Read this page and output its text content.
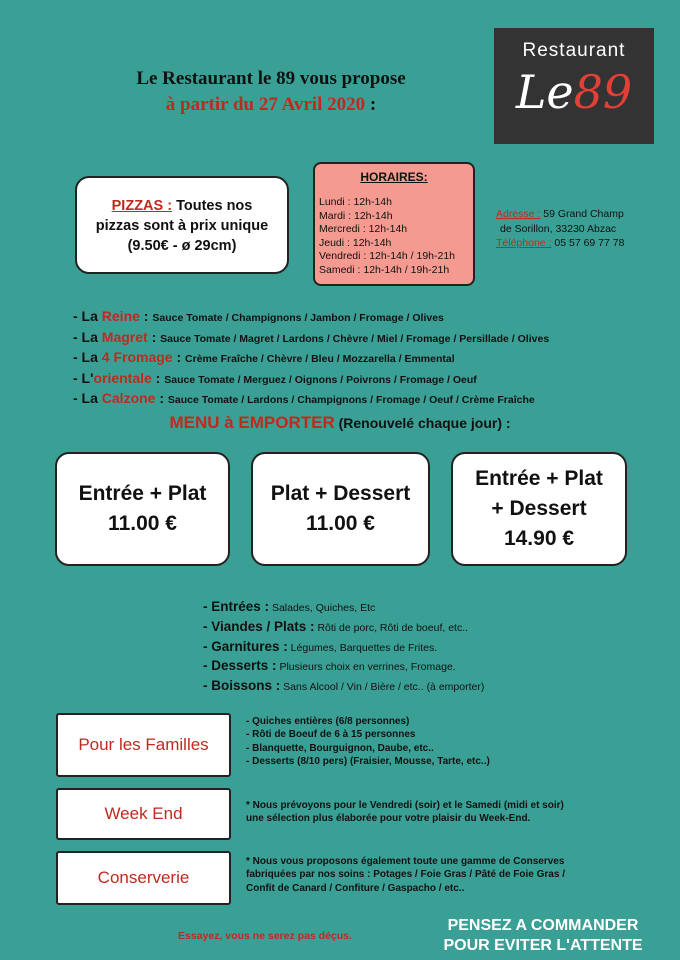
Le Restaurant le 89 vous propose
à partir du 27 Avril 2020 :
Restaurant
Le89
PIZZAS : Toutes nos
pizzas sont à prix unique
(9.50€ - ø 29cm)
HORAIRES:
Lundi : 12h-14h
Mardi : 12h-14h
Mercredi : 12h-14h
Jeudi : 12h-14h
Vendredi : 12h-14h / 19h-21h
Samedi : 12h-14h / 19h-21h
Adresse : 59 Grand Champ
de Sorillon, 33230 Abzac
Téléphone : 05 57 69 77 78
- La Reine : Sauce Tomate / Champignons / Jambon / Fromage / Olives
- La Magret : Sauce Tomate / Magret / Lardons / Chèvre / Miel / Fromage / Persillade / Olives
- La 4 Fromage : Crème Fraîche / Chèvre / Bleu / Mozzarella / Emmental
- L'orientale : Sauce Tomate / Merguez / Oignons / Poivrons / Fromage / Oeuf
- La Calzone : Sauce Tomate / Lardons / Champignons / Fromage / Oeuf / Crème Fraîche
MENU à EMPORTER (Renouvelé chaque jour) :
Entrée + Plat
11.00 €
Plat + Dessert
11.00 €
Entrée + Plat
+ Dessert
14.90 €
- Entrées : Salades, Quiches, Etc
- Viandes / Plats : Rôti de porc, Rôti de boeuf, etc..
- Garnitures : Légumes, Barquettes de Frites.
- Desserts : Plusieurs choix en verrines, Fromage.
- Boissons : Sans Alcool / Vin / Bière / etc.. (à emporter)
Pour les Familles
- Quiches entières (6/8 personnes)
- Rôti de Boeuf de 6 à 15 personnes
- Blanquette, Bourguignon, Daube, etc..
- Desserts (8/10 pers) (Fraisier, Mousse, Tarte, etc..)
Week End	* Nous prévoyons pour le Vendredi (soir) et le Samedi (midi et soir)
une sélection plus élaborée pour votre plaisir du Week-End.
Conserverie
* Nous vous proposons également toute une gamme de Conserves
fabriquées par nos soins : Potages / Foie Gras / Pâté de Foie Gras /
Confit de Canard / Confiture / Gaspacho / etc..
Essayez, vous ne serez pas déçus.
PENSEZ A COMMANDER
POUR EVITER L'ATTENTE
